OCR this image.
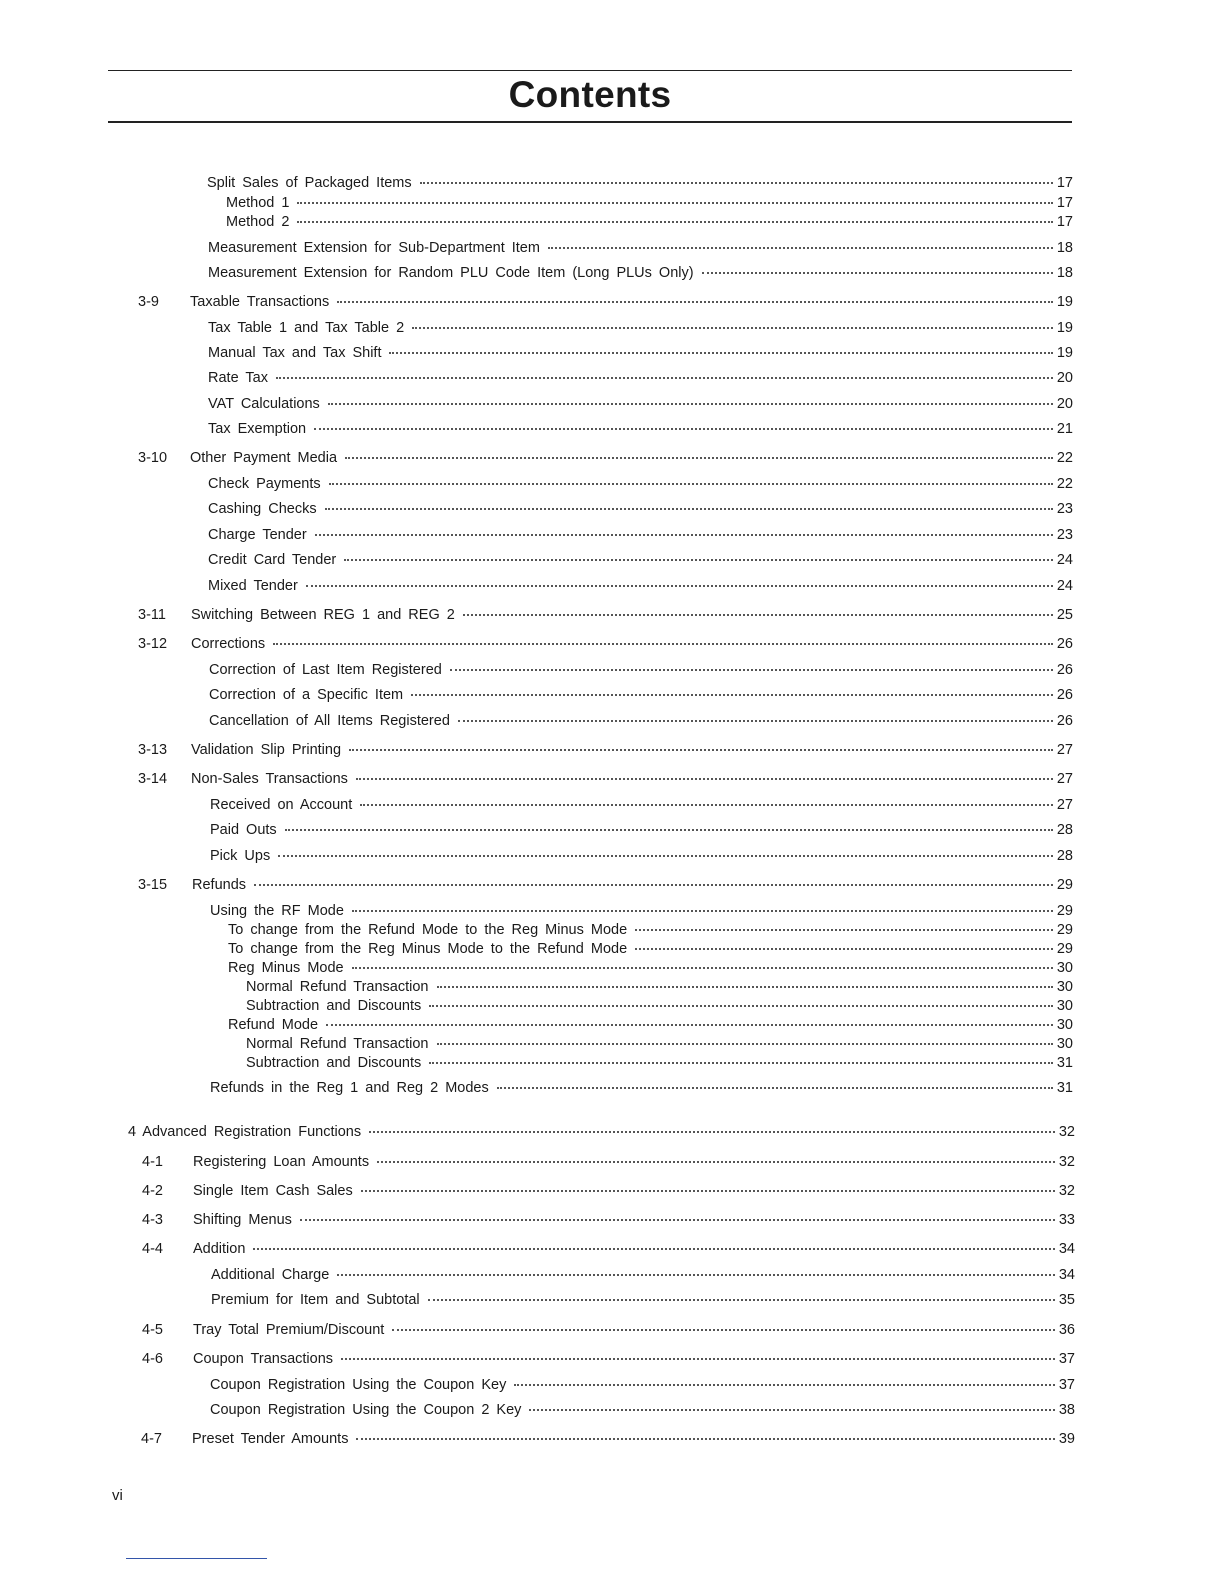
Contents
Split Sales of Packaged Items	17
Method 1	17
Method 2	17
Measurement Extension for Sub-Department Item	18
Measurement Extension for Random PLU Code Item (Long PLUs Only)	18
3-9 Taxable Transactions	19
Tax Table 1 and Tax Table 2	19
Manual Tax and Tax Shift	19
Rate Tax	20
VAT Calculations	20
Tax Exemption	21
3-10 Other Payment Media	22
Check Payments	22
Cashing Checks	23
Charge Tender	23
Credit Card Tender	24
Mixed Tender	24
3-11 Switching Between REG 1 and REG 2	25
3-12 Corrections	26
Correction of Last Item Registered	26
Correction of a Specific Item	26
Cancellation of All Items Registered	26
3-13 Validation Slip Printing	27
3-14 Non-Sales Transactions	27
Received on Account	27
Paid Outs	28
Pick Ups	28
3-15 Refunds	29
Using the RF Mode	29
To change from the Refund Mode to the Reg Minus Mode	29
To change from the Reg Minus Mode to the Refund Mode	29
Reg Minus Mode	30
Normal Refund Transaction	30
Subtraction and Discounts	30
Refund Mode	30
Normal Refund Transaction	30
Subtraction and Discounts	31
Refunds in the Reg 1 and Reg 2 Modes	31
4 Advanced Registration Functions	32
4-1 Registering Loan Amounts	32
4-2 Single Item Cash Sales	32
4-3 Shifting Menus	33
4-4 Addition	34
Additional Charge	34
Premium for Item and Subtotal	35
4-5 Tray Total Premium/Discount	36
4-6 Coupon Transactions	37
Coupon Registration Using the Coupon Key	37
Coupon Registration Using the Coupon 2 Key	38
4-7 Preset Tender Amounts	39
vi
